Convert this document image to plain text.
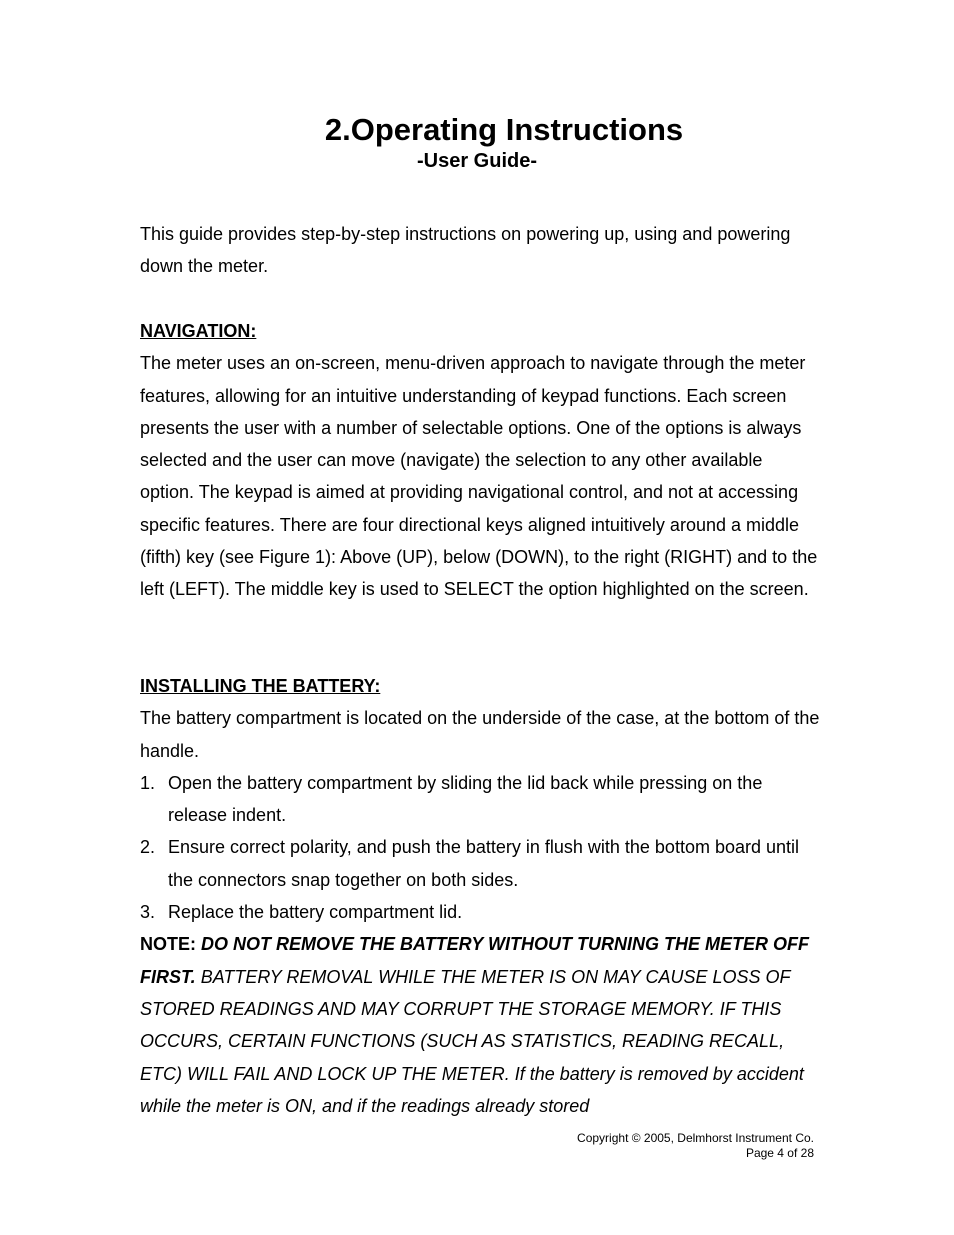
2.Operating Instructions
-User Guide-

This guide provides step-by-step instructions on powering up, using and powering down the meter.

NAVIGATION:

The meter uses an on-screen, menu-driven approach to navigate through the meter features, allowing for an intuitive understanding of keypad functions. Each screen presents the user with a number of selectable options. One of the options is always selected and the user can move (navigate) the selection to any other available option. The keypad is aimed at providing navigational control, and not at accessing specific features. There are four directional keys aligned intuitively around a middle (fifth) key (see Figure 1): Above (UP), below (DOWN), to the right (RIGHT) and to the left (LEFT). The middle key is used to SELECT the option highlighted on the screen.

INSTALLING THE BATTERY:

The battery compartment is located on the underside of the case, at the bottom of the handle.

1. Open the battery compartment by sliding the lid back while pressing on the release indent.
2. Ensure correct polarity, and push the battery in flush with the bottom board until the connectors snap together on both sides.
3. Replace the battery compartment lid.

NOTE: DO NOT REMOVE THE BATTERY WITHOUT TURNING THE METER OFF FIRST. BATTERY REMOVAL WHILE THE METER IS ON MAY CAUSE LOSS OF STORED READINGS AND MAY CORRUPT THE STORAGE MEMORY. IF THIS OCCURS, CERTAIN FUNCTIONS (SUCH AS STATISTICS, READING RECALL, ETC) WILL FAIL AND LOCK UP THE METER. If the battery is removed by accident while the meter is ON, and if the readings already stored

Copyright © 2005, Delmhorst Instrument Co.
Page 4 of 28
